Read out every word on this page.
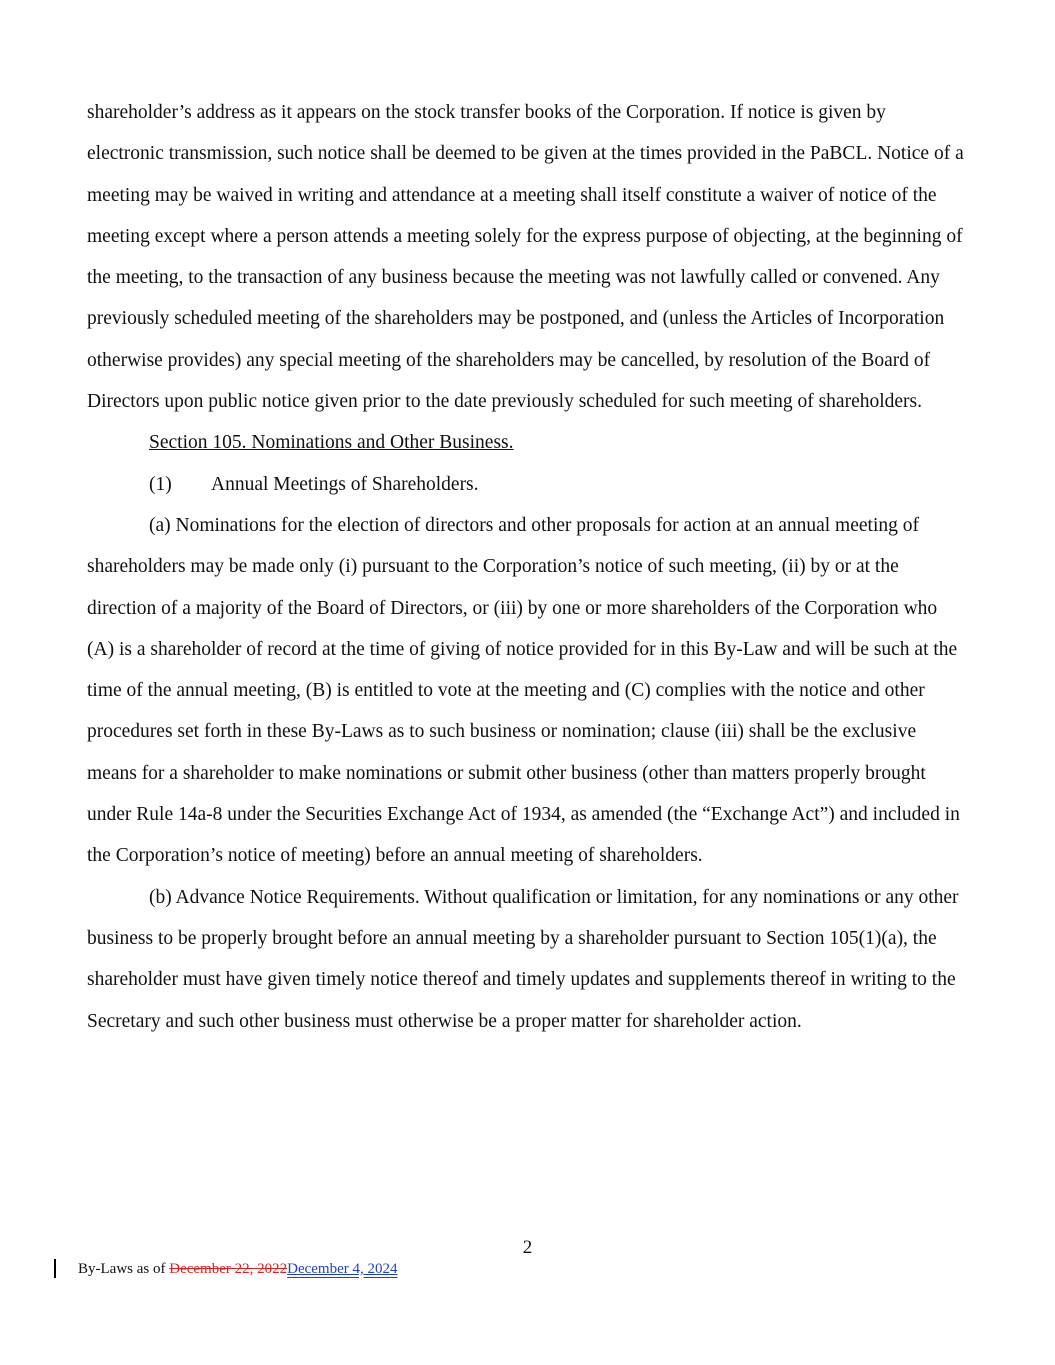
shareholder’s address as it appears on the stock transfer books of the Corporation. If notice is given by electronic transmission, such notice shall be deemed to be given at the times provided in the PaBCL. Notice of a meeting may be waived in writing and attendance at a meeting shall itself constitute a waiver of notice of the meeting except where a person attends a meeting solely for the express purpose of objecting, at the beginning of the meeting, to the transaction of any business because the meeting was not lawfully called or convened. Any previously scheduled meeting of the shareholders may be postponed, and (unless the Articles of Incorporation otherwise provides) any special meeting of the shareholders may be cancelled, by resolution of the Board of Directors upon public notice given prior to the date previously scheduled for such meeting of shareholders.

Section 105. Nominations and Other Business.

(1) Annual Meetings of Shareholders.

(a) Nominations for the election of directors and other proposals for action at an annual meeting of shareholders may be made only (i) pursuant to the Corporation’s notice of such meeting, (ii) by or at the direction of a majority of the Board of Directors, or (iii) by one or more shareholders of the Corporation who (A) is a shareholder of record at the time of giving of notice provided for in this By-Law and will be such at the time of the annual meeting, (B) is entitled to vote at the meeting and (C) complies with the notice and other procedures set forth in these By-Laws as to such business or nomination; clause (iii) shall be the exclusive means for a shareholder to make nominations or submit other business (other than matters properly brought under Rule 14a-8 under the Securities Exchange Act of 1934, as amended (the “Exchange Act”) and included in the Corporation’s notice of meeting) before an annual meeting of shareholders.

(b) Advance Notice Requirements. Without qualification or limitation, for any nominations or any other business to be properly brought before an annual meeting by a shareholder pursuant to Section 105(1)(a), the shareholder must have given timely notice thereof and timely updates and supplements thereof in writing to the Secretary and such other business must otherwise be a proper matter for shareholder action.

2
By-Laws as of December 22, 2022December 4, 2024
